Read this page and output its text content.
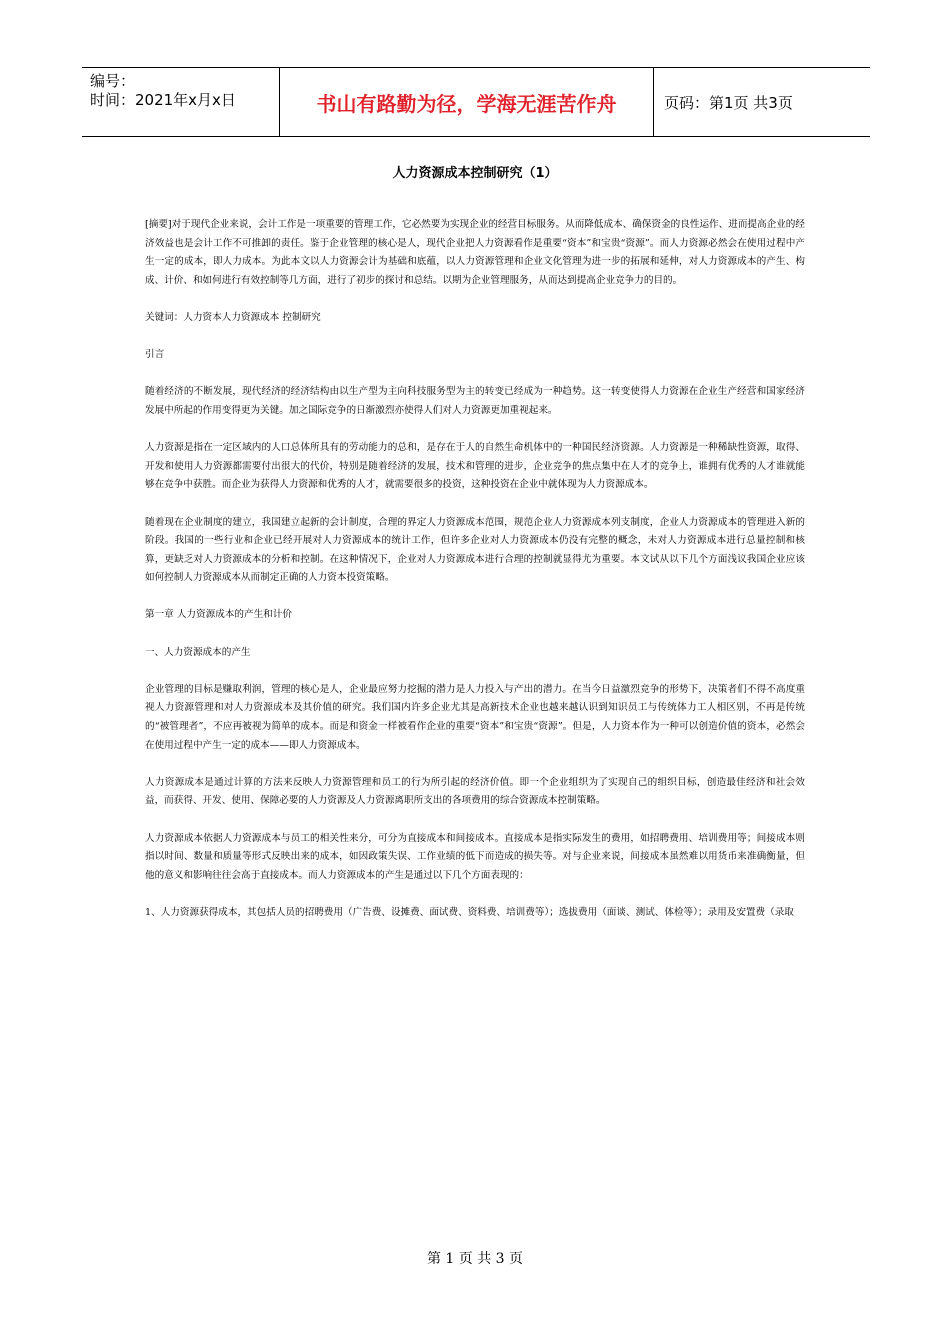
编号：
时间：2021年x月x日	书山有路勤为径，学海无涯苦作舟	页码：第1页 共3页
人力资源成本控制研究（1）

[摘要]对于现代企业来说，会计工作是一项重要的管理工作，它必然要为实现企业的经营目标服务。从而降低成本、确保资金的良性运作、进而提高企业的经济效益也是会计工作不可推卸的责任。鉴于企业管理的核心是人，现代企业把人力资源看作是重要“资本”和宝贵“资源”。而人力资源必然会在使用过程中产生一定的成本，即人力成本。为此本文以人力资源会计为基础和底蕴，以人力资源管理和企业文化管理为进一步的拓展和延伸，对人力资源成本的产生、构成、计价、和如何进行有效控制等几方面，进行了初步的探讨和总结。以期为企业管理服务，从而达到提高企业竞争力的目的。

关键词：人力资本人力资源成本 控制研究

引言

随着经济的不断发展，现代经济的经济结构由以生产型为主向科技服务型为主的转变已经成为一种趋势。这一转变使得人力资源在企业生产经营和国家经济发展中所起的作用变得更为关键。加之国际竞争的日渐激烈亦使得人们对人力资源更加重视起来。

人力资源是指在一定区域内的人口总体所具有的劳动能力的总和，是存在于人的自然生命机体中的一种国民经济资源。人力资源是一种稀缺性资源，取得、开发和使用人力资源都需要付出很大的代价，特别是随着经济的发展，技术和管理的进步，企业竞争的焦点集中在人才的竞争上，谁拥有优秀的人才谁就能够在竞争中获胜。而企业为获得人力资源和优秀的人才，就需要很多的投资，这种投资在企业中就体现为人力资源成本。

随着现在企业制度的建立，我国建立起新的会计制度，合理的界定人力资源成本范围，规范企业人力资源成本列支制度，企业人力资源成本的管理进入新的阶段。我国的一些行业和企业已经开展对人力资源成本的统计工作，但许多企业对人力资源成本仍没有完整的概念，未对人力资源成本进行总量控制和核算，更缺乏对人力资源成本的分析和控制。在这种情况下，企业对人力资源成本进行合理的控制就显得尤为重要。本文试从以下几个方面浅议我国企业应该如何控制人力资源成本从而制定正确的人力资本投资策略。

第一章 人力资源成本的产生和计价

一、人力资源成本的产生

企业管理的目标是赚取利润，管理的核心是人，企业最应努力挖掘的潜力是人力投入与产出的潜力。在当今日益激烈竞争的形势下，决策者们不得不高度重视人力资源管理和对人力资源成本及其价值的研究。我们国内许多企业尤其是高新技术企业也越来越认识到知识员工与传统体力工人相区别，不再是传统的“被管理者”，不应再被视为简单的成本。而是和资金一样被看作企业的重要“资本”和宝贵“资源”。但是，人力资本作为一种可以创造价值的资本，必然会在使用过程中产生一定的成本——即人力资源成本。

人力资源成本是通过计算的方法来反映人力资源管理和员工的行为所引起的经济价值。即一个企业组织为了实现自己的组织目标，创造最佳经济和社会效益，而获得、开发、使用、保障必要的人力资源及人力资源离职所支出的各项费用的综合资源成本控制策略。

人力资源成本依据人力资源成本与员工的相关性来分，可分为直接成本和间接成本。直接成本是指实际发生的费用，如招聘费用、培训费用等；间接成本则指以时间、数量和质量等形式反映出来的成本，如因政策失误、工作业绩的低下而造成的损失等。对与企业来说，间接成本虽然难以用货币来准确衡量，但他的意义和影响往往会高于直接成本。而人力资源成本的产生是通过以下几个方面表现的：

1、人力资源获得成本，其包括人员的招聘费用（广告费、设摊费、面试费、资料费、培训费等）；选拔费用（面谈、测试、体检等）；录用及安置费（录取

第 1 页 共 3 页
